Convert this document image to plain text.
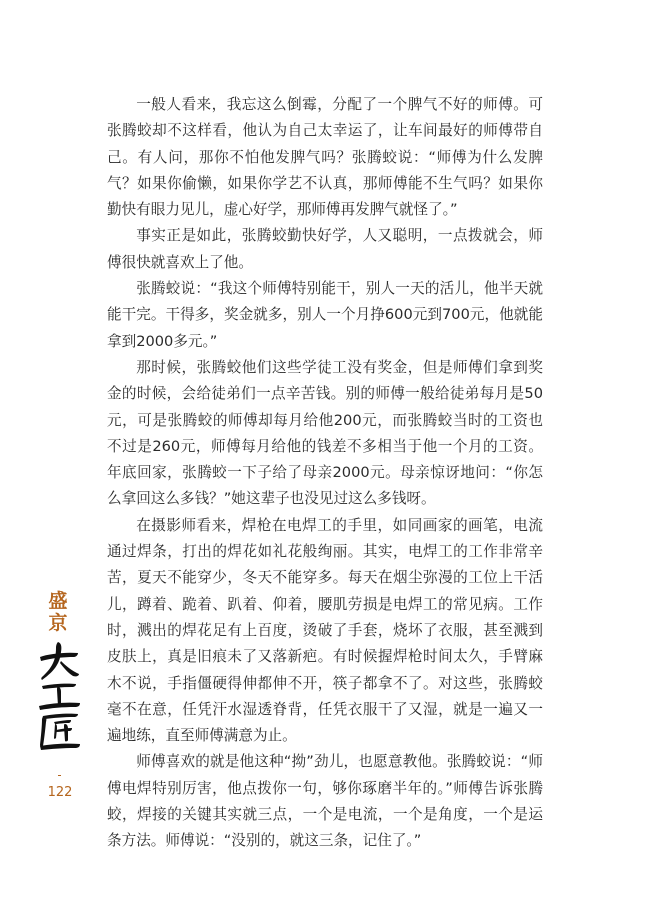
一般人看来，我忘这么倒霉，分配了一个脾气不好的师傅。可张腾蛟却不这样看，他认为自己太幸运了，让车间最好的师傅带自己。有人问，那你不怕他发脾气吗？张腾蛟说：“师傅为什么发脾气？如果你偷懒，如果你学艺不认真，那师傅能不生气吗？如果你勤快有眼力见儿，虚心好学，那师傅再发脾气就怪了。”

事实正是如此，张腾蛟勤快好学，人又聪明，一点拨就会，师傅很快就喜欢上了他。

张腾蛟说：“我这个师傅特别能干，别人一天的活儿，他半天就能干完。干得多，奖金就多，别人一个月挣600元到700元，他就能拿到2000多元。”

那时候，张腾蛟他们这些学徒工没有奖金，但是师傅们拿到奖金的时候，会给徒弟们一点辛苦钱。别的师傅一般给徒弟每月是50元，可是张腾蛟的师傅却每月给他200元，而张腾蛟当时的工资也不过是260元，师傅每月给他的钱差不多相当于他一个月的工资。年底回家，张腾蛟一下子给了母亲2000元。母亲惊讶地问：“你怎么拿回这么多钱？”她这辈子也没见过这么多钱呀。

在摄影师看来，焊枪在电焊工的手里，如同画家的画笔，电流通过焊条，打出的焊花如礼花般绚丽。其实，电焊工的工作非常辛苦，夏天不能穿少，冬天不能穿多。每天在烟尘弥漫的工位上干活儿，蹲着、跪着、趴着、仰着，腰肌劳损是电焊工的常见病。工作时，溅出的焊花足有上百度，烫破了手套，烧坏了衣服，甚至溅到皮肤上，真是旧痕未了又落新疤。有时候握焊枪时间太久，手臂麻木不说，手指僵硬得伸都伸不开，筷子都拿不了。对这些，张腾蛟毫不在意，任凭汗水湿透脊背，任凭衣服干了又湿，就是一遍又一遍地练，直至师傅满意为止。

师傅喜欢的就是他这种“拗”劲儿，也愿意教他。张腾蛟说：“师傅电焊特别厉害，他点拨你一句，够你琢磨半年的。”师傅告诉张腾蛟，焊接的关键其实就三点，一个是电流，一个是角度，一个是运条方法。师傅说：“没别的，就这三条，记住了。”

盛
京
122
